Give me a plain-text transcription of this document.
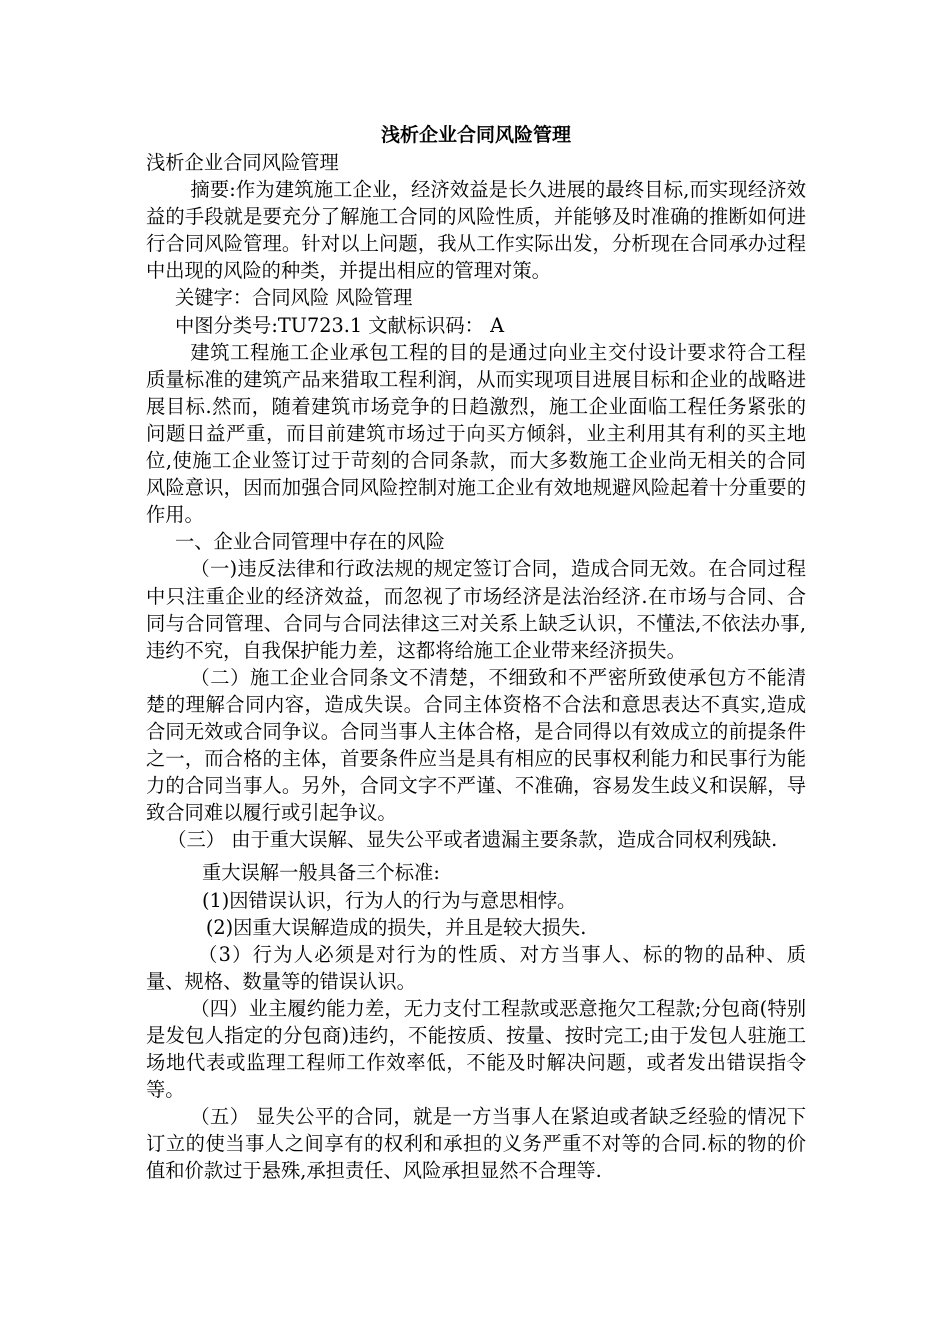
浅析企业合同风险管理

浅析企业合同风险管理

摘要:作为建筑施工企业，经济效益是长久进展的最终目标,而实现经济效益的手段就是要充分了解施工合同的风险性质，并能够及时准确的推断如何进行合同风险管理。针对以上问题，我从工作实际出发，分析现在合同承办过程中出现的风险的种类，并提出相应的管理对策。

关键字：合同风险 风险管理

中图分类号:TU723.1 文献标识码： A

建筑工程施工企业承包工程的目的是通过向业主交付设计要求符合工程质量标准的建筑产品来猎取工程利润，从而实现项目进展目标和企业的战略进展目标.然而，随着建筑市场竞争的日趋激烈，施工企业面临工程任务紧张的问题日益严重，而目前建筑市场过于向买方倾斜，业主利用其有利的买主地位,使施工企业签订过于苛刻的合同条款，而大多数施工企业尚无相关的合同风险意识，因而加强合同风险控制对施工企业有效地规避风险起着十分重要的作用。

一、企业合同管理中存在的风险

（一)违反法律和行政法规的规定签订合同，造成合同无效。在合同过程中只注重企业的经济效益，而忽视了市场经济是法治经济.在市场与合同、合同与合同管理、合同与合同法律这三对关系上缺乏认识，不懂法,不依法办事,违约不究，自我保护能力差，这都将给施工企业带来经济损失。

（二）施工企业合同条文不清楚，不细致和不严密所致使承包方不能清楚的理解合同内容，造成失误。合同主体资格不合法和意思表达不真实,造成合同无效或合同争议。合同当事人主体合格，是合同得以有效成立的前提条件之一，而合格的主体，首要条件应当是具有相应的民事权利能力和民事行为能力的合同当事人。另外，合同文字不严谨、不准确，容易发生歧义和误解，导致合同难以履行或引起争议。

（三） 由于重大误解、显失公平或者遗漏主要条款，造成合同权利残缺.

重大误解一般具备三个标准:

(1)因错误认识，行为人的行为与意思相悖。

(2)因重大误解造成的损失，并且是较大损失.

（3）行为人必须是对行为的性质、对方当事人、标的物的品种、质量、规格、数量等的错误认识。

（四）业主履约能力差，无力支付工程款或恶意拖欠工程款;分包商(特别是发包人指定的分包商)违约，不能按质、按量、按时完工;由于发包人驻施工场地代表或监理工程师工作效率低，不能及时解决问题，或者发出错误指令等。

（五） 显失公平的合同，就是一方当事人在紧迫或者缺乏经验的情况下订立的使当事人之间享有的权利和承担的义务严重不对等的合同.标的物的价值和价款过于悬殊,承担责任、风险承担显然不合理等.
